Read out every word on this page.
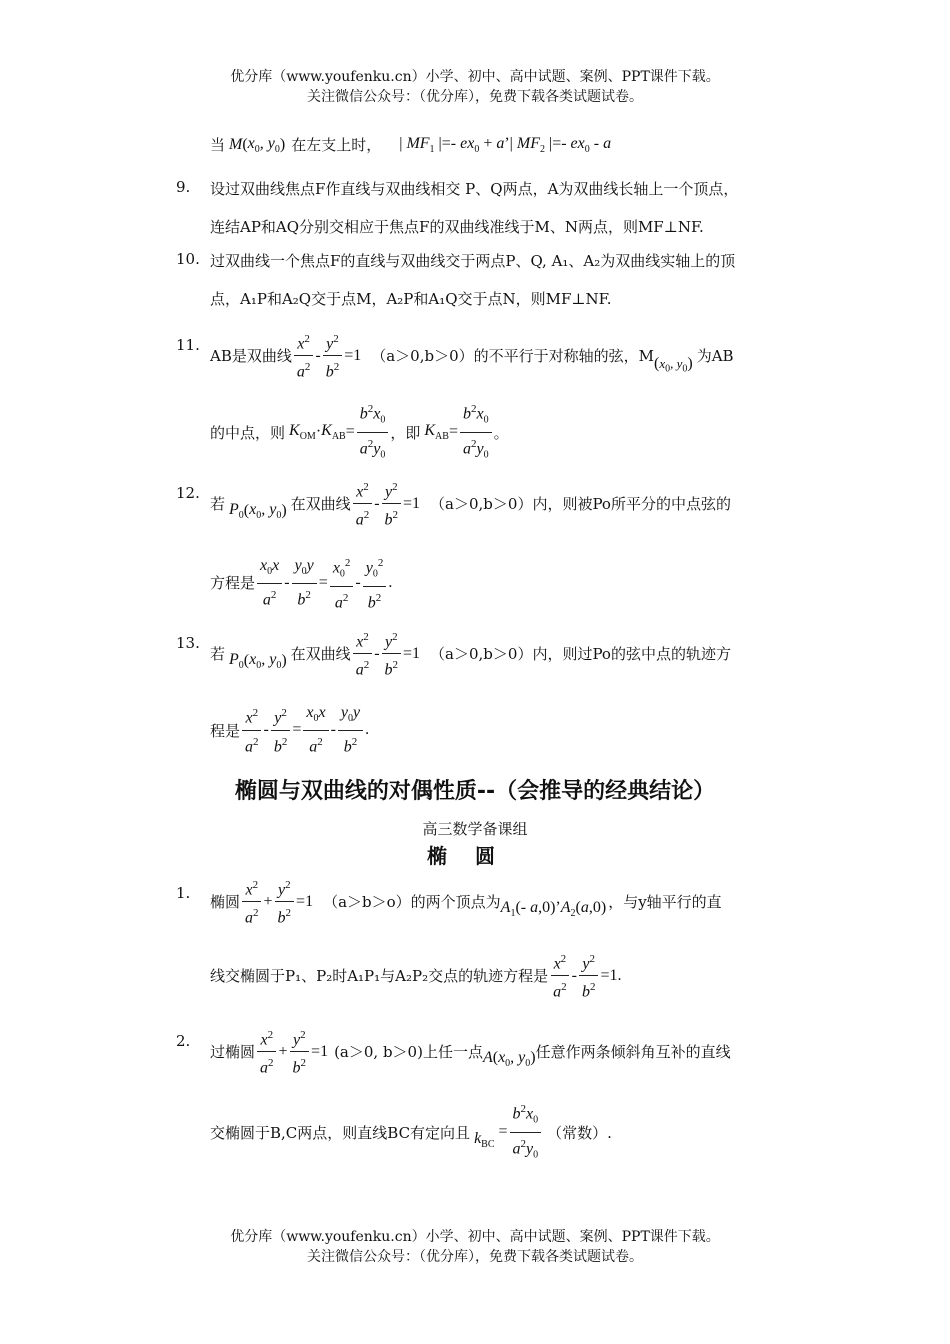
优分库（www.youfenku.cn）小学、初中、高中试题、案例、PPT课件下载。
关注微信公众号：（优分库），免费下载各类试题试卷。
当 M ( $x_0$, $y_0$ ) 在左支上时， | $MF_1$ |=- $ex_0$ + a’| $MF_2$ |=- $ex_0$ - a
9. 设过双曲线焦点F作直线与双曲线相交 P、Q两点，A为双曲线长轴上一个顶点，
连结AP和AQ分别交相应于焦点F的双曲线准线于M、N两点，则MF⊥NF.
10. 过双曲线一个焦点F的直线与双曲线交于两点P、Q, A₁、A₂为双曲线实轴上的顶
点，A₁P和A₂Q交于点M，A₂P和A₁Q交于点N，则MF⊥NF.
11.
AB是双曲线 $\frac{x^2}{a^2} - \frac{y^2}{b^2} =1$ （a＞0,b＞0）的不平行于对称轴的弦，M ($x_0$, $y_0$) 为AB
的中点，则 $K_{OM} \cdot K_{AB} = \frac{b^2x_0}{a^2y_0}$ ，即 $K_{AB} = \frac{b^2x_0}{a^2y_0}$ 。
12.
若 $P_0$ ( $x_0$, $y_0$ ) 在双曲线 $\frac{x^2}{a^2} - \frac{y^2}{b^2} =1$ （a＞0,b＞0）内，则被Po所平分的中点弦的
方程是 $\frac{x_0x}{a^2} - \frac{y_0y}{b^2} = \frac{x_0^2}{a^2} - \frac{y_0^2}{b^2}$ .
13.
若 $P_0$ ( $x_0$, $y_0$ ) 在双曲线 $\frac{x^2}{a^2} - \frac{y^2}{b^2} =1$ （a＞0,b＞0）内，则过Po的弦中点的轨迹方
程是 $\frac{x^2}{a^2} - \frac{y^2}{b^2} = \frac{x_0x}{a^2} - \frac{y_0y}{b^2}$ .
椭圆与双曲线的对偶性质--（会推导的经典结论）
高三数学备课组
椭圆
1.
椭圆 $\frac{x^2}{a^2} + \frac{y^2}{b^2} =1$ （a＞b＞o）的两个顶点为 $A_1(-$ $a,0)’A_2(a,0)$ ，与y轴平行的直
线交椭圆于P₁、P₂时A₁P₁与A₂P₂交点的轨迹方程是 $\frac{x^2}{a^2} - \frac{y^2}{b^2} =1$.
2.
过椭圆 $\frac{x^2}{a^2} + \frac{y^2}{b^2} =1$ (a＞0, b＞0)上任一点 $A(x_0$, $y_0$) 任意作两条倾斜角互补的直线
交椭圆于B,C两点，则直线BC有定向且 $k_{BC}$
= $\frac{b^2x_0}{a^2y_0}$ （常数）.
优分库（www.youfenku.cn）小学、初中、高中试题、案例、PPT课件下载。
关注微信公众号：（优分库），免费下载各类试题试卷。
